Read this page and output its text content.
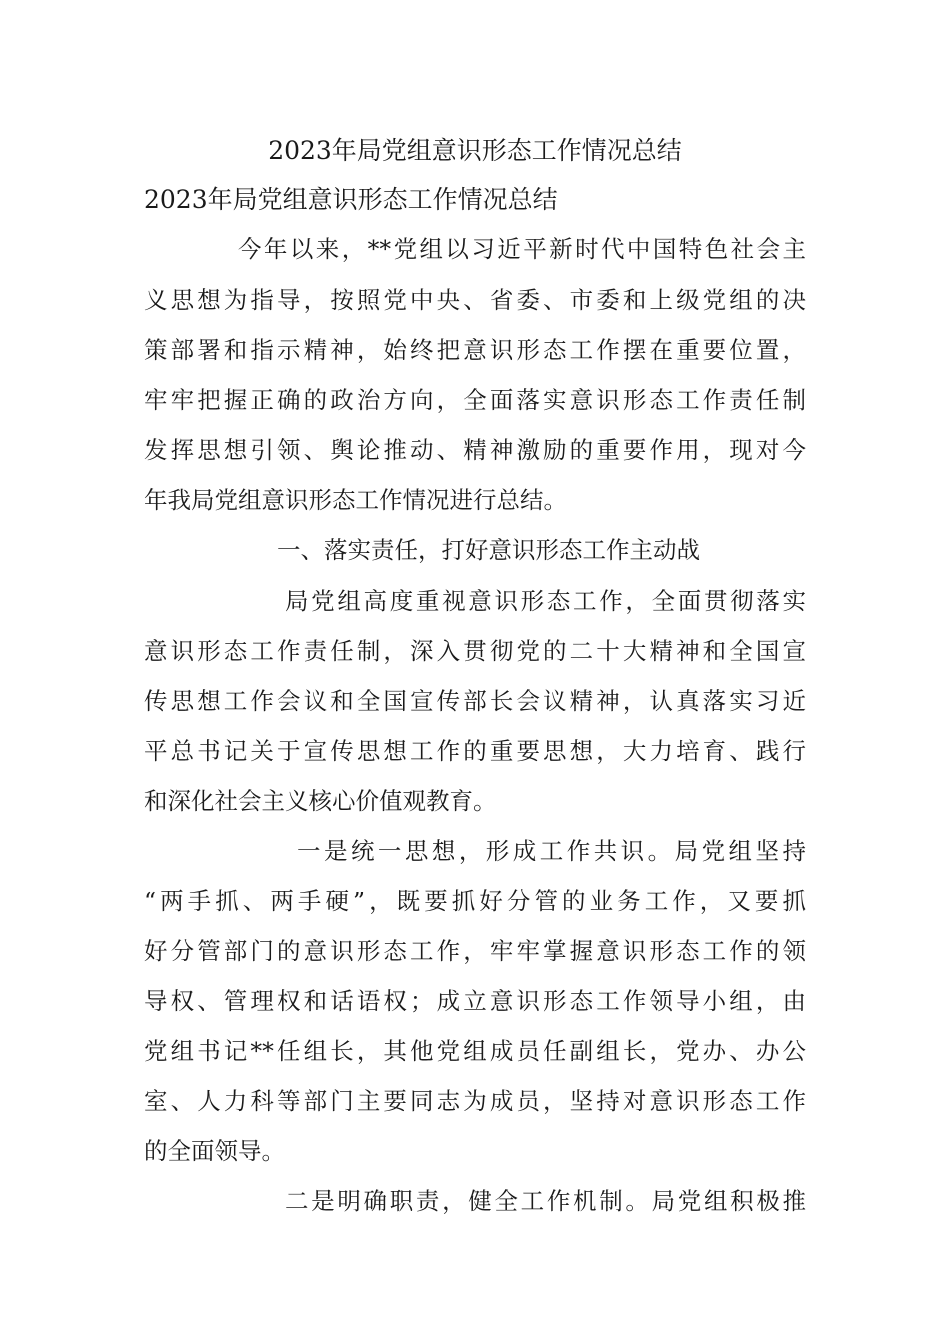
2023年局党组意识形态工作情况总结
2023年局党组意识形态工作情况总结

今年以来，**党组以习近平新时代中国特色社会主

义思想为指导，按照党中央、省委、市委和上级党组的决

策部署和指示精神，始终把意识形态工作摆在重要位置，

牢牢把握正确的政治方向，全面落实意识形态工作责任制

发挥思想引领、舆论推动、精神激励的重要作用，现对今

年我局党组意识形态工作情况进行总结。

一、落实责任，打好意识形态工作主动战

局党组高度重视意识形态工作，全面贯彻落实

意识形态工作责任制，深入贯彻党的二十大精神和全国宣

传思想工作会议和全国宣传部长会议精神，认真落实习近

平总书记关于宣传思想工作的重要思想，大力培育、践行

和深化社会主义核心价值观教育。

一是统一思想，形成工作共识。局党组坚持

“两手抓、两手硬”，既要抓好分管的业务工作，又要抓

好分管部门的意识形态工作，牢牢掌握意识形态工作的领

导权、管理权和话语权；成立意识形态工作领导小组，由

党组书记**任组长，其他党组成员任副组长，党办、办公

室、人力科等部门主要同志为成员，坚持对意识形态工作

的全面领导。

二是明确职责，健全工作机制。局党组积极推
